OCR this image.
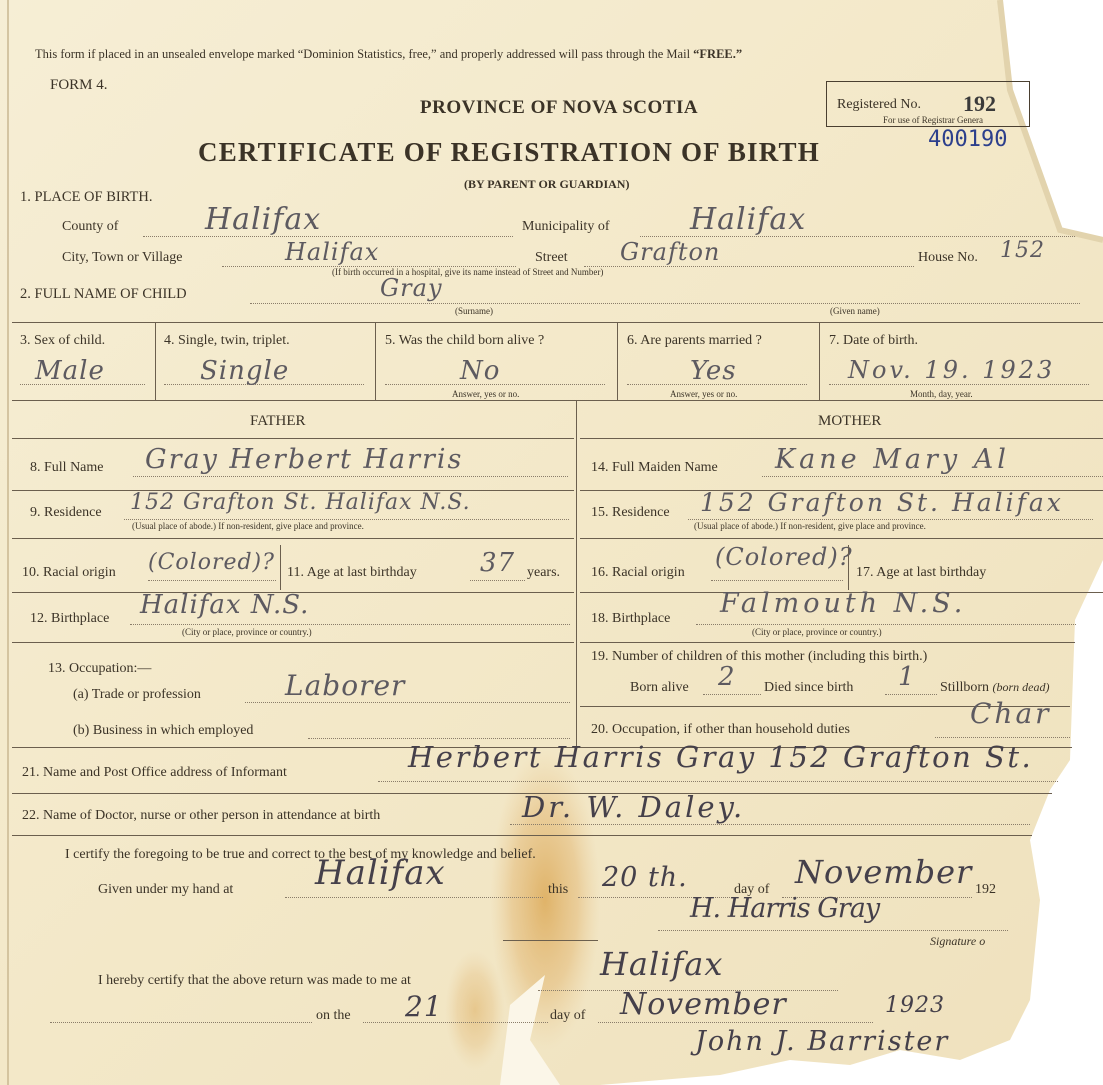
This form if placed in an unsealed envelope marked “Dominion Statistics, free,” and properly addressed will pass through the Mail “FREE.”
FORM 4.
PROVINCE OF NOVA SCOTIA
CERTIFICATE OF REGISTRATION OF BIRTH
(BY PARENT OR GUARDIAN)
Registered No. 192
For use of Registrar Genera
400190
1. PLACE OF BIRTH.
County of	Halifax	Municipality of	Halifax
City, Town or Village	Halifax	Street Grafton	House No. 152
(If birth occurred in a hospital, give its name instead of Street and Number)
2. FULL NAME OF CHILD	Gray
(Surname)	(Given name)
3. Sex of child.
Male
4. Single, twin, triplet.
Single
5. Was the child born alive ?
No
Answer, yes or no.
6. Are parents married ?
Yes
Answer, yes or no.
7. Date of birth.
Nov. 19. 1923
Month, day, year.
FATHER	MOTHER
8. Full Name Gray Herbert Harris
9. Residence 152 Grafton St. Halifax N.S.
(Usual place of abode.) If non-resident, give place and province.
10. Racial origin (Colored)? 11. Age at last birthday 37 years.
12. Birthplace Halifax N.S.
(City or place, province or country.)
13. Occupation:—
(a) Trade or profession	Laborer
(b) Business in which employed
14. Full Maiden Name Kane Mary Al
15. Residence 152 Grafton St. Halifax
(Usual place of abode.) If non-resident, give place and province.
16. Racial origin
(Colored)?
17. Age at last birthday
18. Birthplace Falmouth N.S.
(City or place, province or country.)
19. Number of children of this mother (including this birth.)
Born alive 2 Died since birth 1 Stillborn (born dead)
20. Occupation, if other than household duties	Char
21. Name and Post Office address of Informant	Herbert Harris Gray 152 Grafton St.
22. Name of Doctor, nurse or other person in attendance at birth	Dr. W. Daley.
I certify the foregoing to be true and correct to the best of my knowledge and belief.
Given under my hand at Halifax	this 20 th.	day of November 192
H. Harris Gray
Signature o
I hereby certify that the above return was made to me at	Halifax
on the 21	day of November	1923
John J. Barrister
